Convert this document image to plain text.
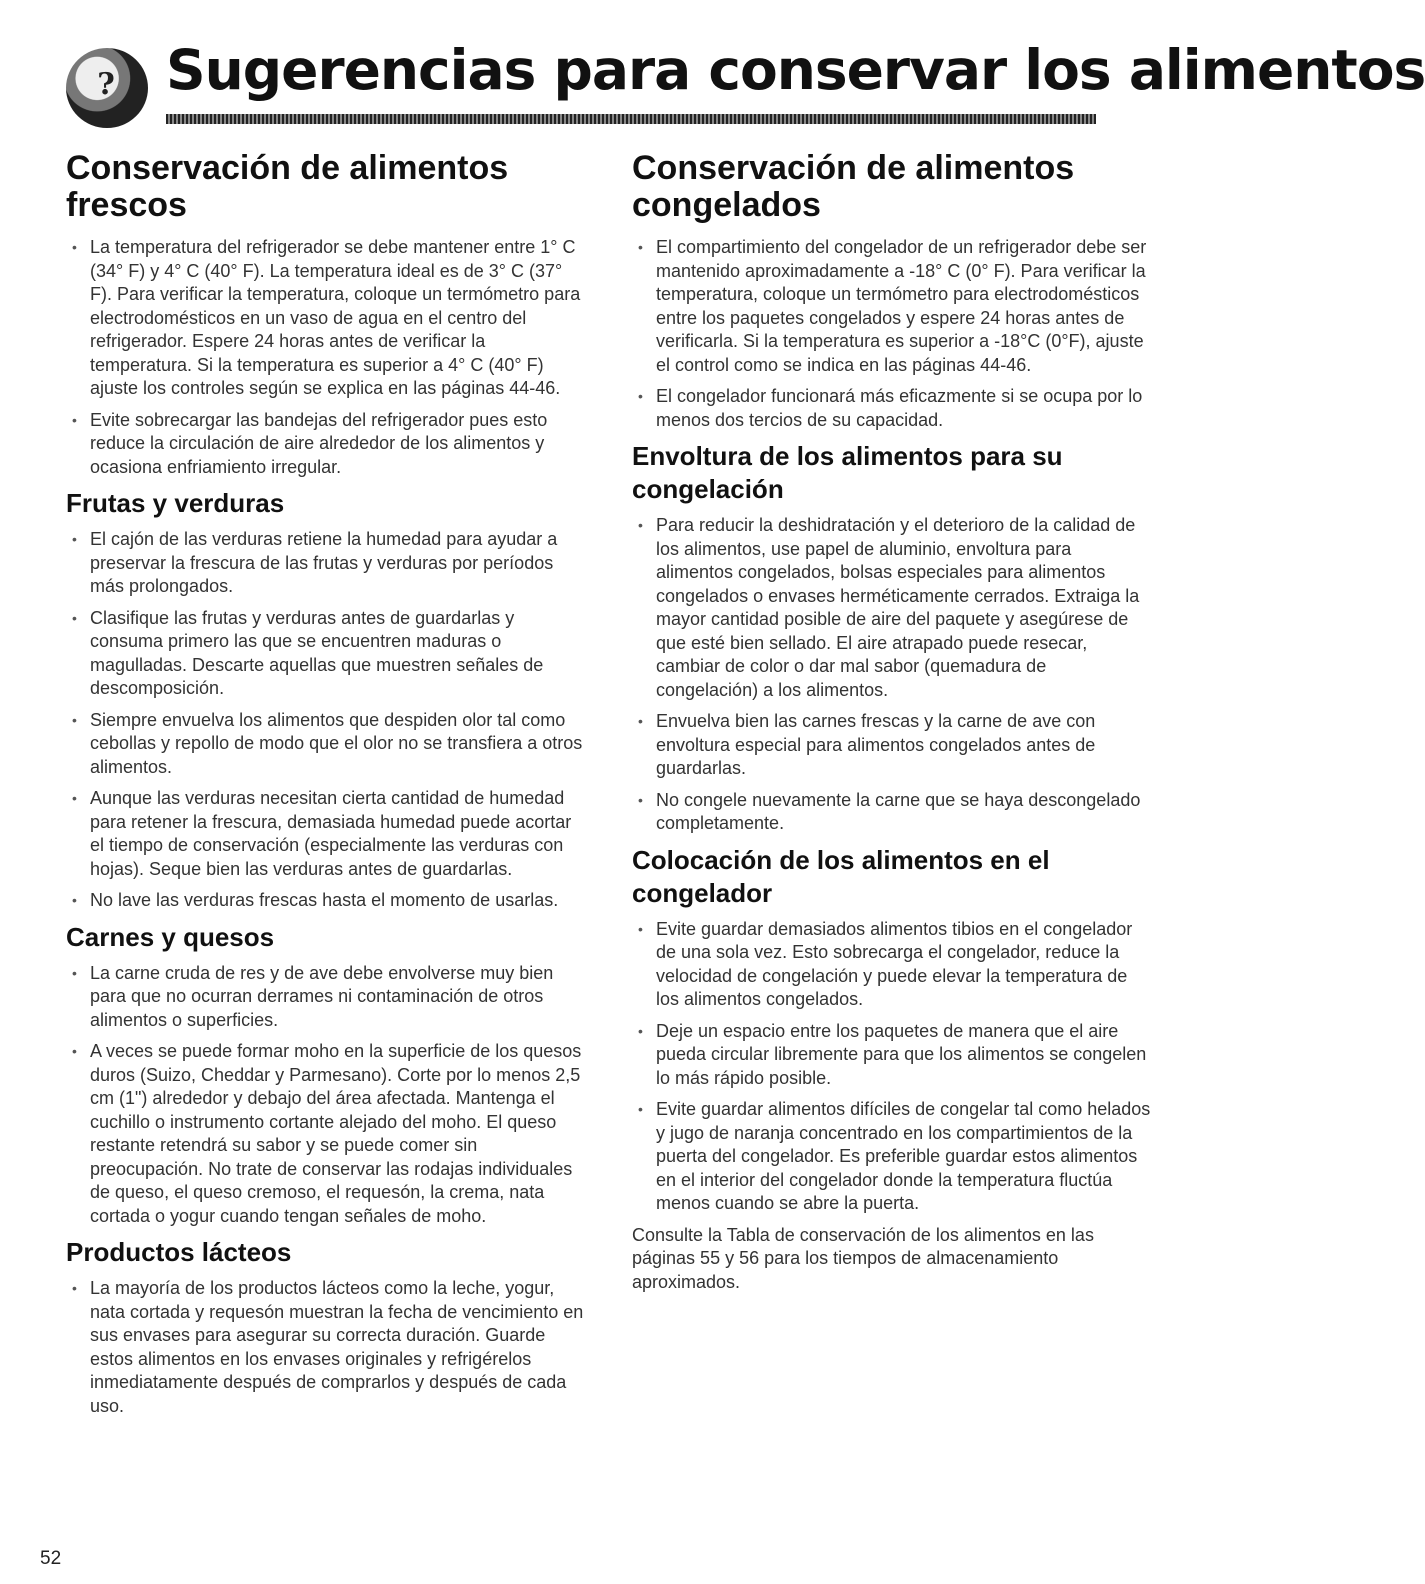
? Sugerencias para conservar los alimentos
Conservación de alimentos frescos
• La temperatura del refrigerador se debe mantener entre 1° C (34° F) y 4° C (40° F). La temperatura ideal es de 3° C (37° F). Para verificar la temperatura, coloque un termómetro para electrodomésticos en un vaso de agua en el centro del refrigerador. Espere 24 horas antes de verificar la temperatura. Si la temperatura es superior a 4° C (40° F) ajuste los controles según se explica en las páginas 44-46.
• Evite sobrecargar las bandejas del refrigerador pues esto reduce la circulación de aire alrededor de los alimentos y ocasiona enfriamiento irregular.
Frutas y verduras
• El cajón de las verduras retiene la humedad para ayudar a preservar la frescura de las frutas y verduras por períodos más prolongados.
• Clasifique las frutas y verduras antes de guardarlas y consuma primero las que se encuentren maduras o magulladas. Descarte aquellas que muestren señales de descomposición.
• Siempre envuelva los alimentos que despiden olor tal como cebollas y repollo de modo que el olor no se transfiera a otros alimentos.
• Aunque las verduras necesitan cierta cantidad de humedad para retener la frescura, demasiada humedad puede acortar el tiempo de conservación (especialmente las verduras con hojas). Seque bien las verduras antes de guardarlas.
• No lave las verduras frescas hasta el momento de usarlas.
Carnes y quesos
• La carne cruda de res y de ave debe envolverse muy bien para que no ocurran derrames ni contaminación de otros alimentos o superficies.
• A veces se puede formar moho en la superficie de los quesos duros (Suizo, Cheddar y Parmesano). Corte por lo menos 2,5 cm (1") alrededor y debajo del área afectada. Mantenga el cuchillo o instrumento cortante alejado del moho. El queso restante retendrá su sabor y se puede comer sin preocupación. No trate de conservar las rodajas individuales de queso, el queso cremoso, el requesón, la crema, nata cortada o yogur cuando tengan señales de moho.
Productos lácteos
• La mayoría de los productos lácteos como la leche, yogur, nata cortada y requesón muestran la fecha de vencimiento en sus envases para asegurar su correcta duración. Guarde estos alimentos en los envases originales y refrigérelos inmediatamente después de comprarlos y después de cada uso.
Conservación de alimentos congelados
• El compartimiento del congelador de un refrigerador debe ser mantenido aproximadamente a -18° C (0° F). Para verificar la temperatura, coloque un termómetro para electrodomésticos entre los paquetes congelados y espere 24 horas antes de verificarla. Si la temperatura es superior a -18°C (0°F), ajuste el control como se indica en las páginas 44-46.
• El congelador funcionará más eficazmente si se ocupa por lo menos dos tercios de su capacidad.
Envoltura de los alimentos para su congelación
• Para reducir la deshidratación y el deterioro de la calidad de los alimentos, use papel de aluminio, envoltura para alimentos congelados, bolsas especiales para alimentos congelados o envases herméticamente cerrados. Extraiga la mayor cantidad posible de aire del paquete y asegúrese de que esté bien sellado. El aire atrapado puede resecar, cambiar de color o dar mal sabor (quemadura de congelación) a los alimentos.
• Envuelva bien las carnes frescas y la carne de ave con envoltura especial para alimentos congelados antes de guardarlas.
• No congele nuevamente la carne que se haya descongelado completamente.
Colocación de los alimentos en el congelador
• Evite guardar demasiados alimentos tibios en el congelador de una sola vez. Esto sobrecarga el congelador, reduce la velocidad de congelación y puede elevar la temperatura de los alimentos congelados.
• Deje un espacio entre los paquetes de manera que el aire pueda circular libremente para que los alimentos se congelen lo más rápido posible.
• Evite guardar alimentos difíciles de congelar tal como helados y jugo de naranja concentrado en los compartimientos de la puerta del congelador. Es preferible guardar estos alimentos en el interior del congelador donde la temperatura fluctúa menos cuando se abre la puerta.

Consulte la Tabla de conservación de los alimentos en las páginas 55 y 56 para los tiempos de almacenamiento aproximados.

52
